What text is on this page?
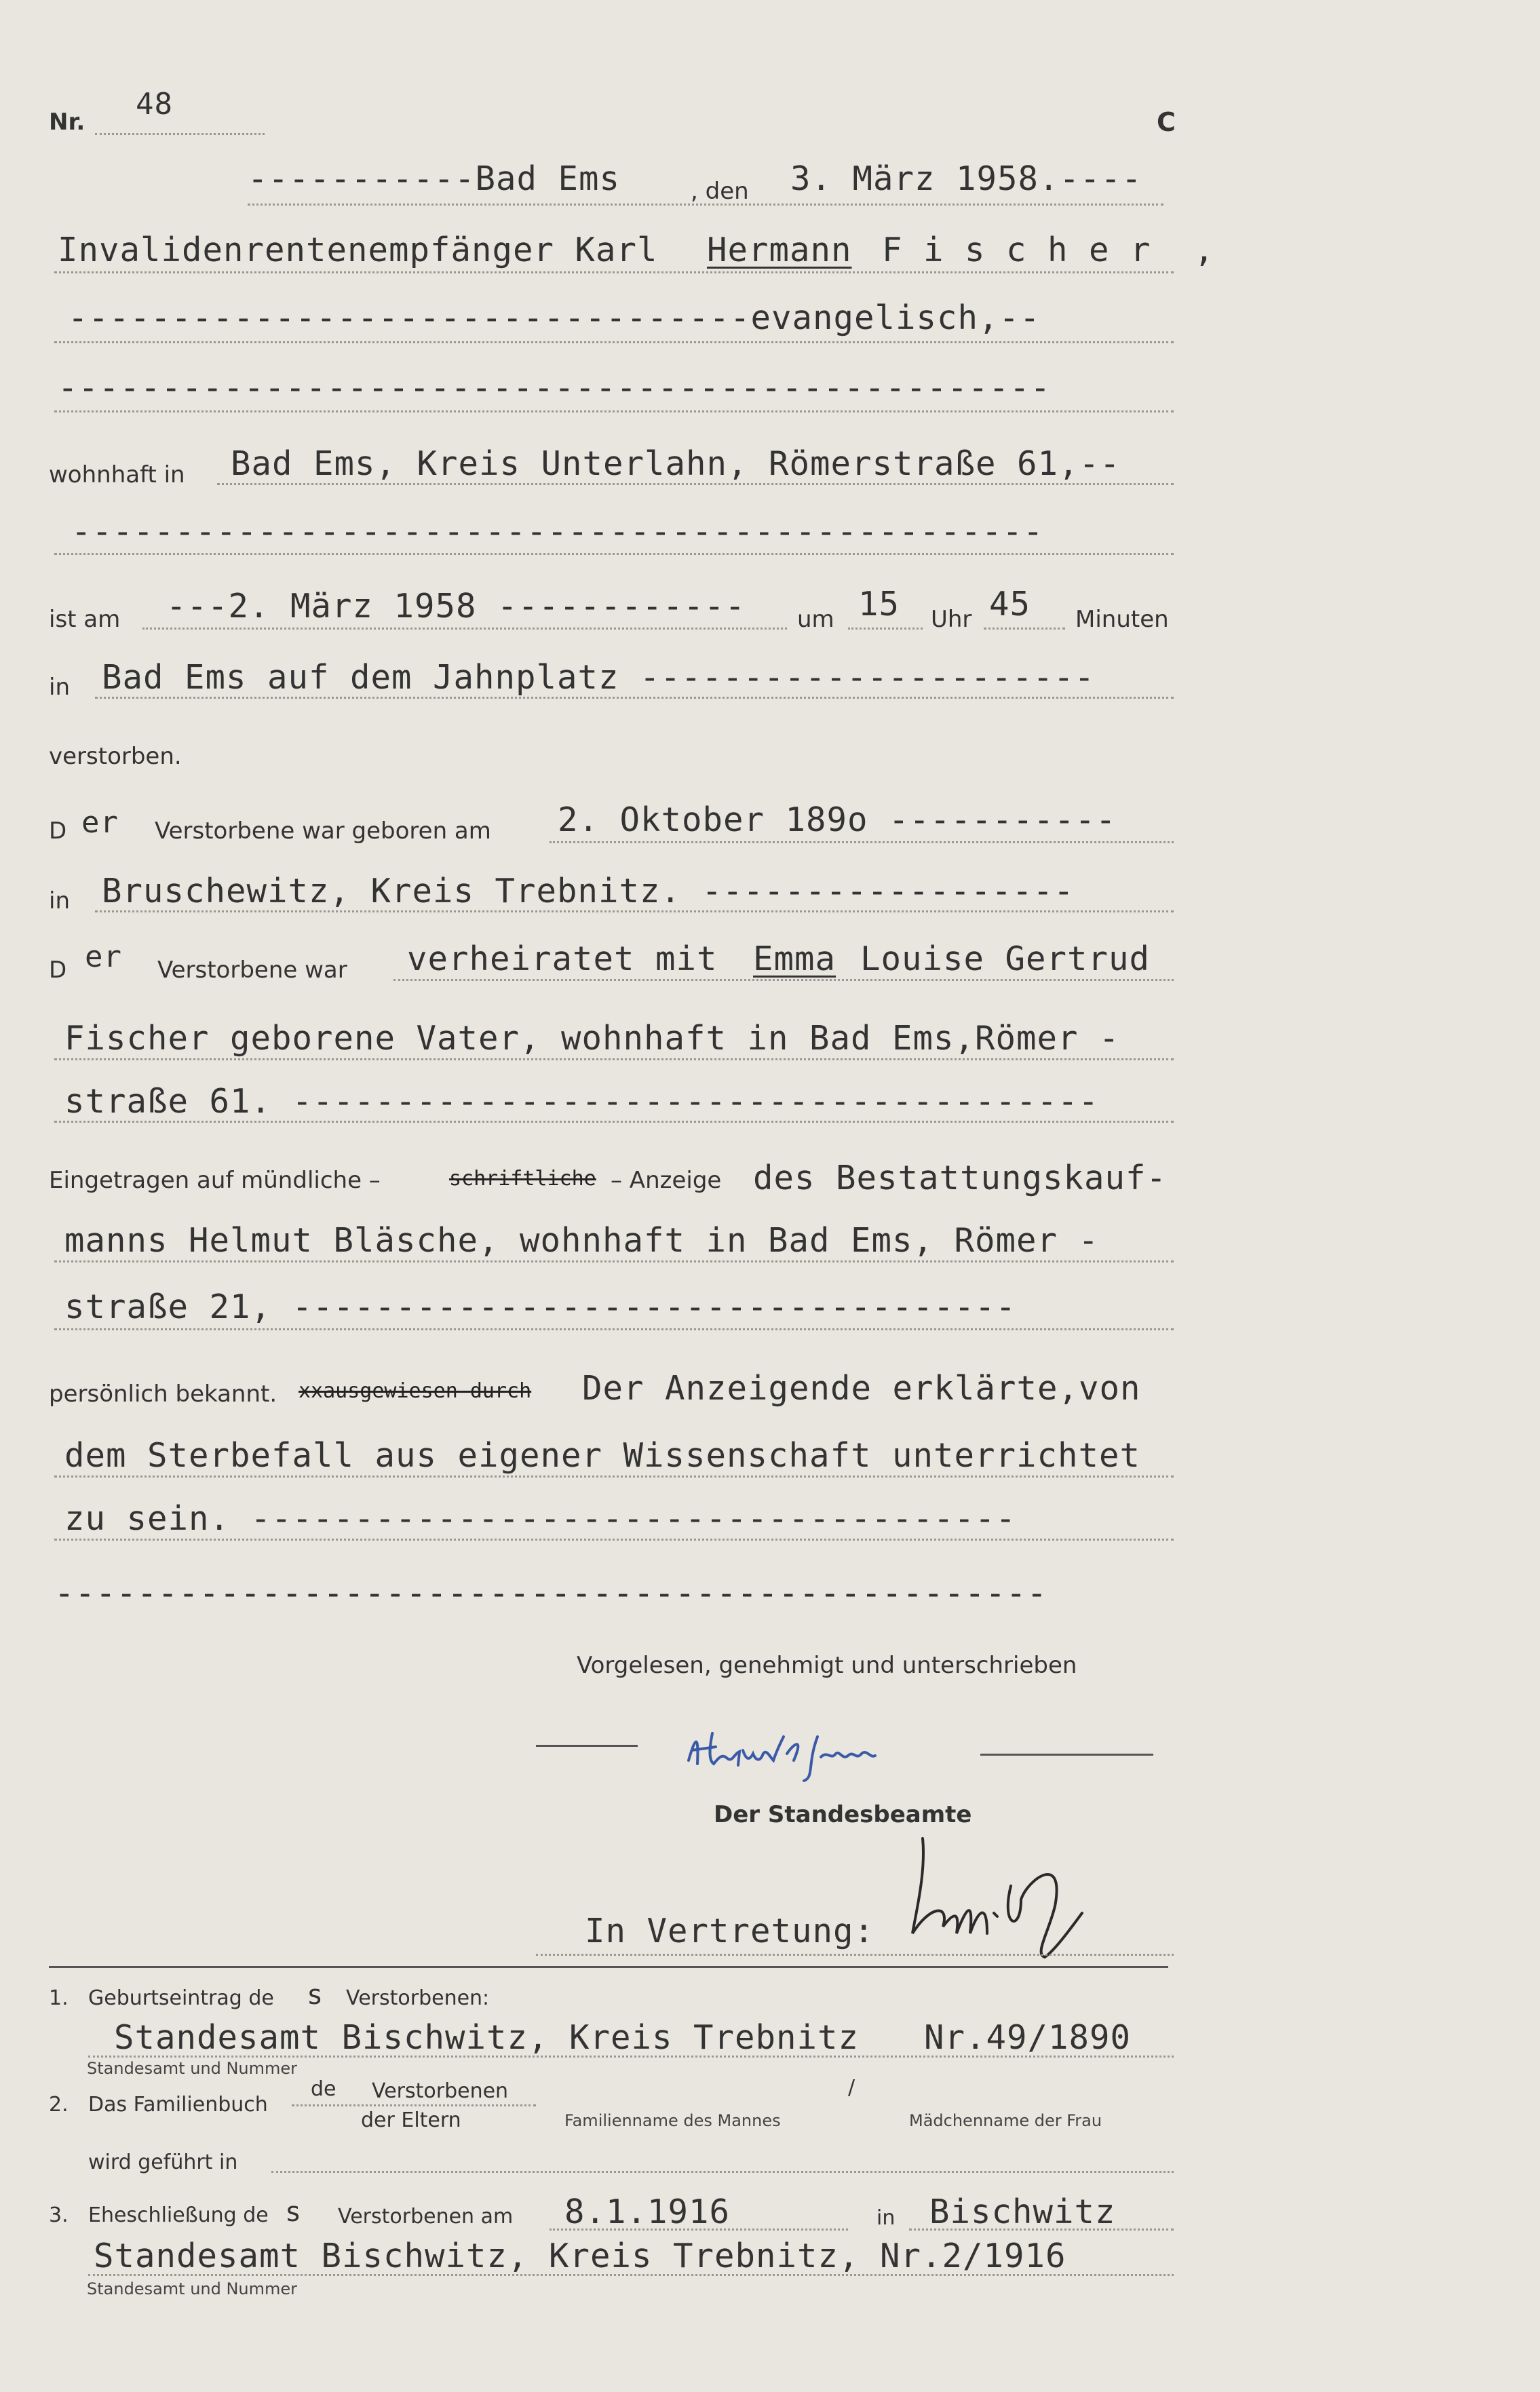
Nr.
48
C
-----------Bad Ems	, den 3. März 1958.----
Invalidenrentenempfänger Karl Hermann F i s c h e r ,
---------------------------------evangelisch,--
------------------------------------------------
wohnhaft in Bad Ems, Kreis Unterlahn, Römerstraße 61,--
-----------------------------------------------
ist am ---2. März 1958 ------------ um 15 Uhr 45 Minuten
in Bad Ems auf dem Jahnplatz ----------------------
verstorben.
D er Verstorbene war geboren am 2. Oktober 189o -----------
in Bruschewitz, Kreis Trebnitz. ------------------
D er Verstorbene war verheiratet mit Emma Louise Gertrud
Fischer geborene Vater, wohnhaft in Bad Ems,Römer -
straße 61. ---------------------------------------
Eingetragen auf mündliche –	schriftliche – Anzeige des Bestattungskauf-
manns Helmut Bläsche, wohnhaft in Bad Ems, Römer -
straße 21, -----------------------------------
persönlich bekannt. xxausgewiesen durch Der Anzeigende erklärte,von
dem Sterbefall aus eigener Wissenschaft unterrichtet
zu sein. -------------------------------------
------------------------------------------------
Vorgelesen, genehmigt und unterschrieben
Der Standesbeamte
In Vertretung:
1. Geburtseintrag de s Verstorbenen:
Standesamt Bischwitz, Kreis Trebnitz Nr.49/1890
Standesamt und Nummer
2. Das Familienbuch
de Verstorbenen
der Eltern
/
Familienname des Mannes	Mädchenname der Frau
wird geführt in
3. Eheschließung de s Verstorbenen am 8.1.1916	in Bischwitz
Standesamt Bischwitz, Kreis Trebnitz, Nr.2/1916
Standesamt und Nummer
